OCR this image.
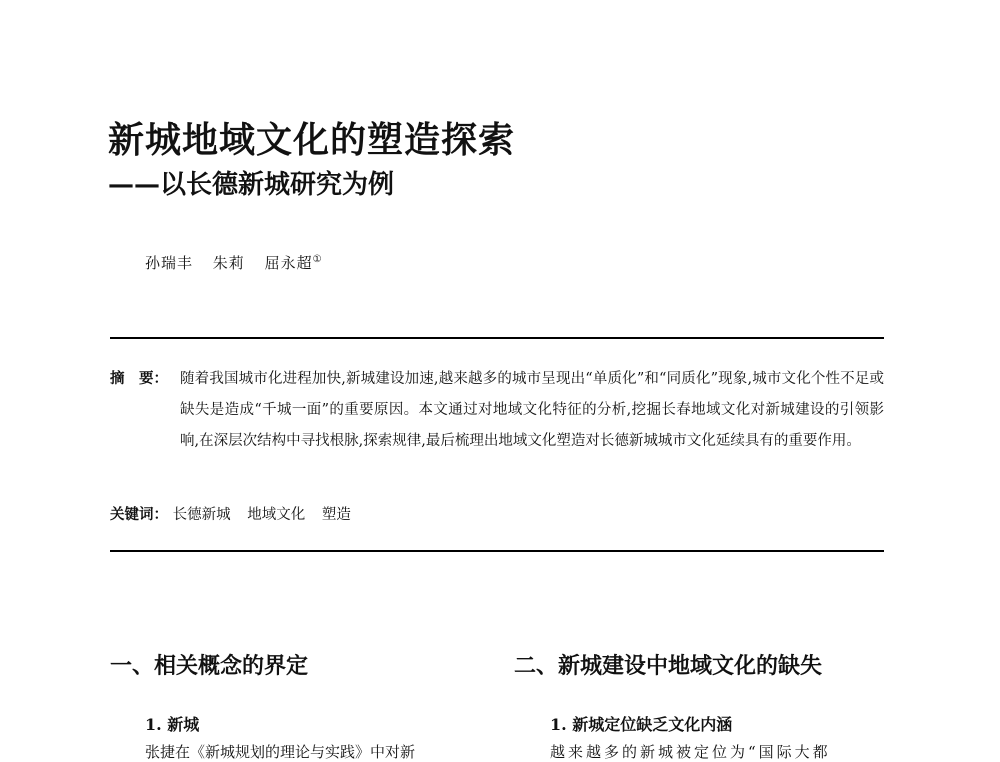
新城地域文化的塑造探索
——以长德新城研究为例
孙瑞丰 朱莉 屈永超①
摘　要： 随着我国城市化进程加快,新城建设加速,越来越多的城市呈现出“单质化”和“同质化”现象,城市文化个性不足或缺失是造成“千城一面”的重要原因。本文通过对地域文化特征的分析,挖掘长春地域文化对新城建设的引领影响,在深层次结构中寻找根脉,探索规律,最后梳理出地域文化塑造对长德新城城市文化延续具有的重要作用。
关键词： 长德新城 地域文化 塑造
一、相关概念的界定	二、新城建设中地域文化的缺失
1. 新城	1. 新城定位缺乏文化内涵
张捷在《新城规划的理论与实践》中对新	越来越多的新城被定位为“国际大都
